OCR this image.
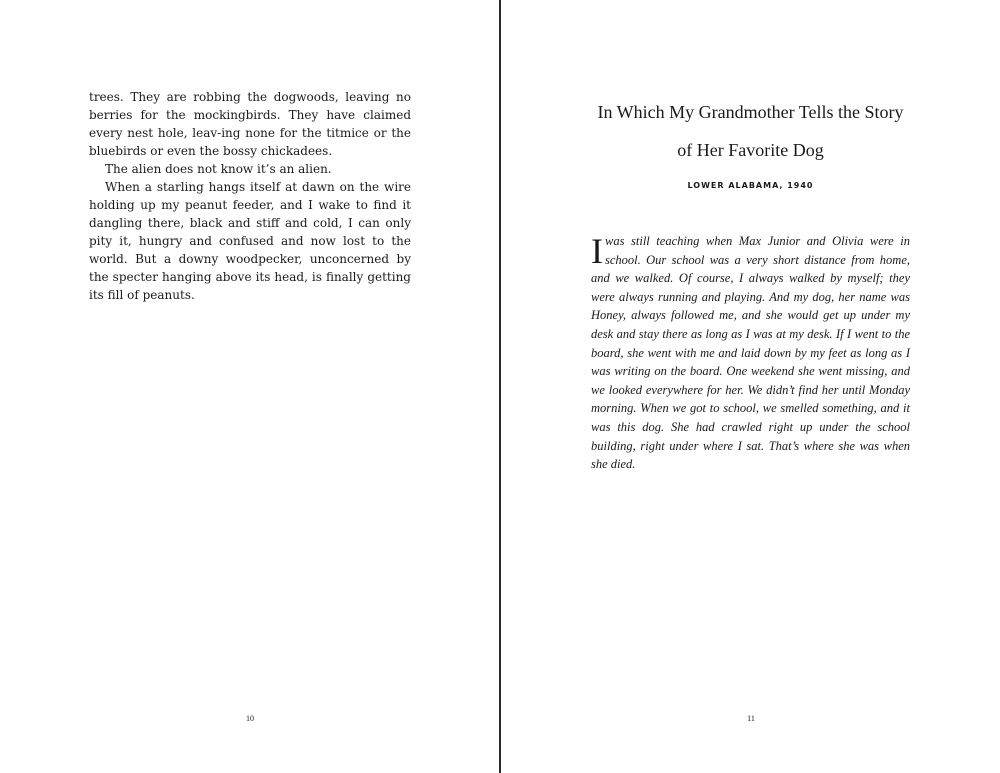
trees. They are robbing the dogwoods, leaving no berries for the mockingbirds. They have claimed every nest hole, leav-ing none for the titmice or the bluebirds or even the bossy chickadees.

The alien does not know it’s an alien.

When a starling hangs itself at dawn on the wire holding up my peanut feeder, and I wake to find it dangling there, black and stiff and cold, I can only pity it, hungry and confused and now lost to the world. But a downy woodpecker, unconcerned by the specter hanging above its head, is finally getting its fill of peanuts.

10
In Which My Grandmother Tells the Story
of Her Favorite Dog
LOWER ALABAMA, 1940
Iwas still teaching when Max Junior and Olivia were in school. Our school was a very short distance from home, and we walked. Of course, I always walked by myself; they were always running and playing. And my dog, her name was Honey, always followed me, and she would get up under my desk and stay there as long as I was at my desk. If I went to the board, she went with me and laid down by my feet as long as I was writing on the board. One weekend she went missing, and we looked everywhere for her. We didn’t find her until Monday morning. When we got to school, we smelled something, and it was this dog. She had crawled right up under the school building, right under where I sat. That’s where she was when she died.
11
